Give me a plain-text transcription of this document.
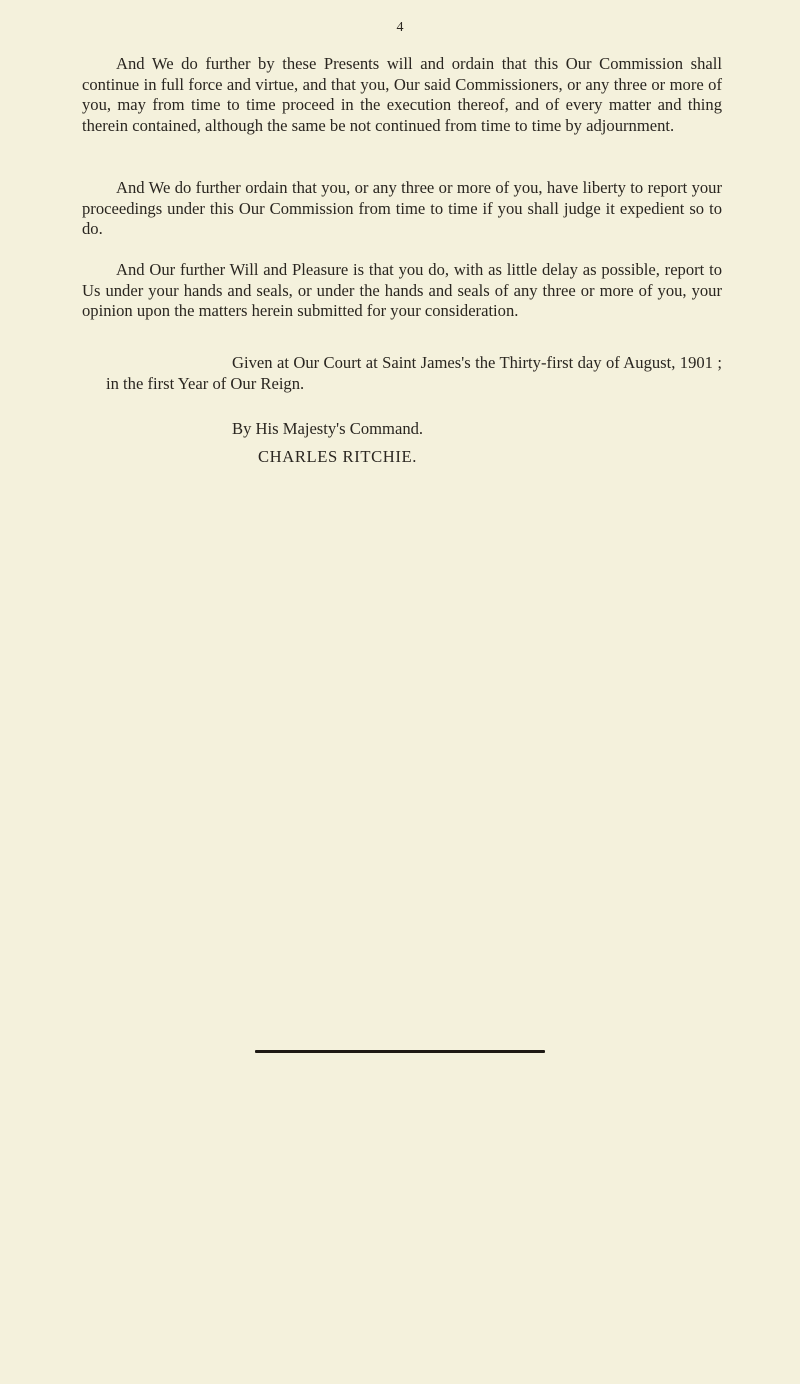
4

And We do further by these Presents will and ordain that this Our Commission shall continue in full force and virtue, and that you, Our said Commissioners, or any three or more of you, may from time to time proceed in the execution thereof, and of every matter and thing therein contained, although the same be not continued from time to time by adjournment.

And We do further ordain that you, or any three or more of you, have liberty to report your proceedings under this Our Commission from time to time if you shall judge it expedient so to do.

And Our further Will and Pleasure is that you do, with as little delay as possible, report to Us under your hands and seals, or under the hands and seals of any three or more of you, your opinion upon the matters herein submitted for your consideration.

Given at Our Court at Saint James's the Thirty-first day of August, 1901 ; in the first Year of Our Reign.

By His Majesty's Command.

CHARLES RITCHIE.
